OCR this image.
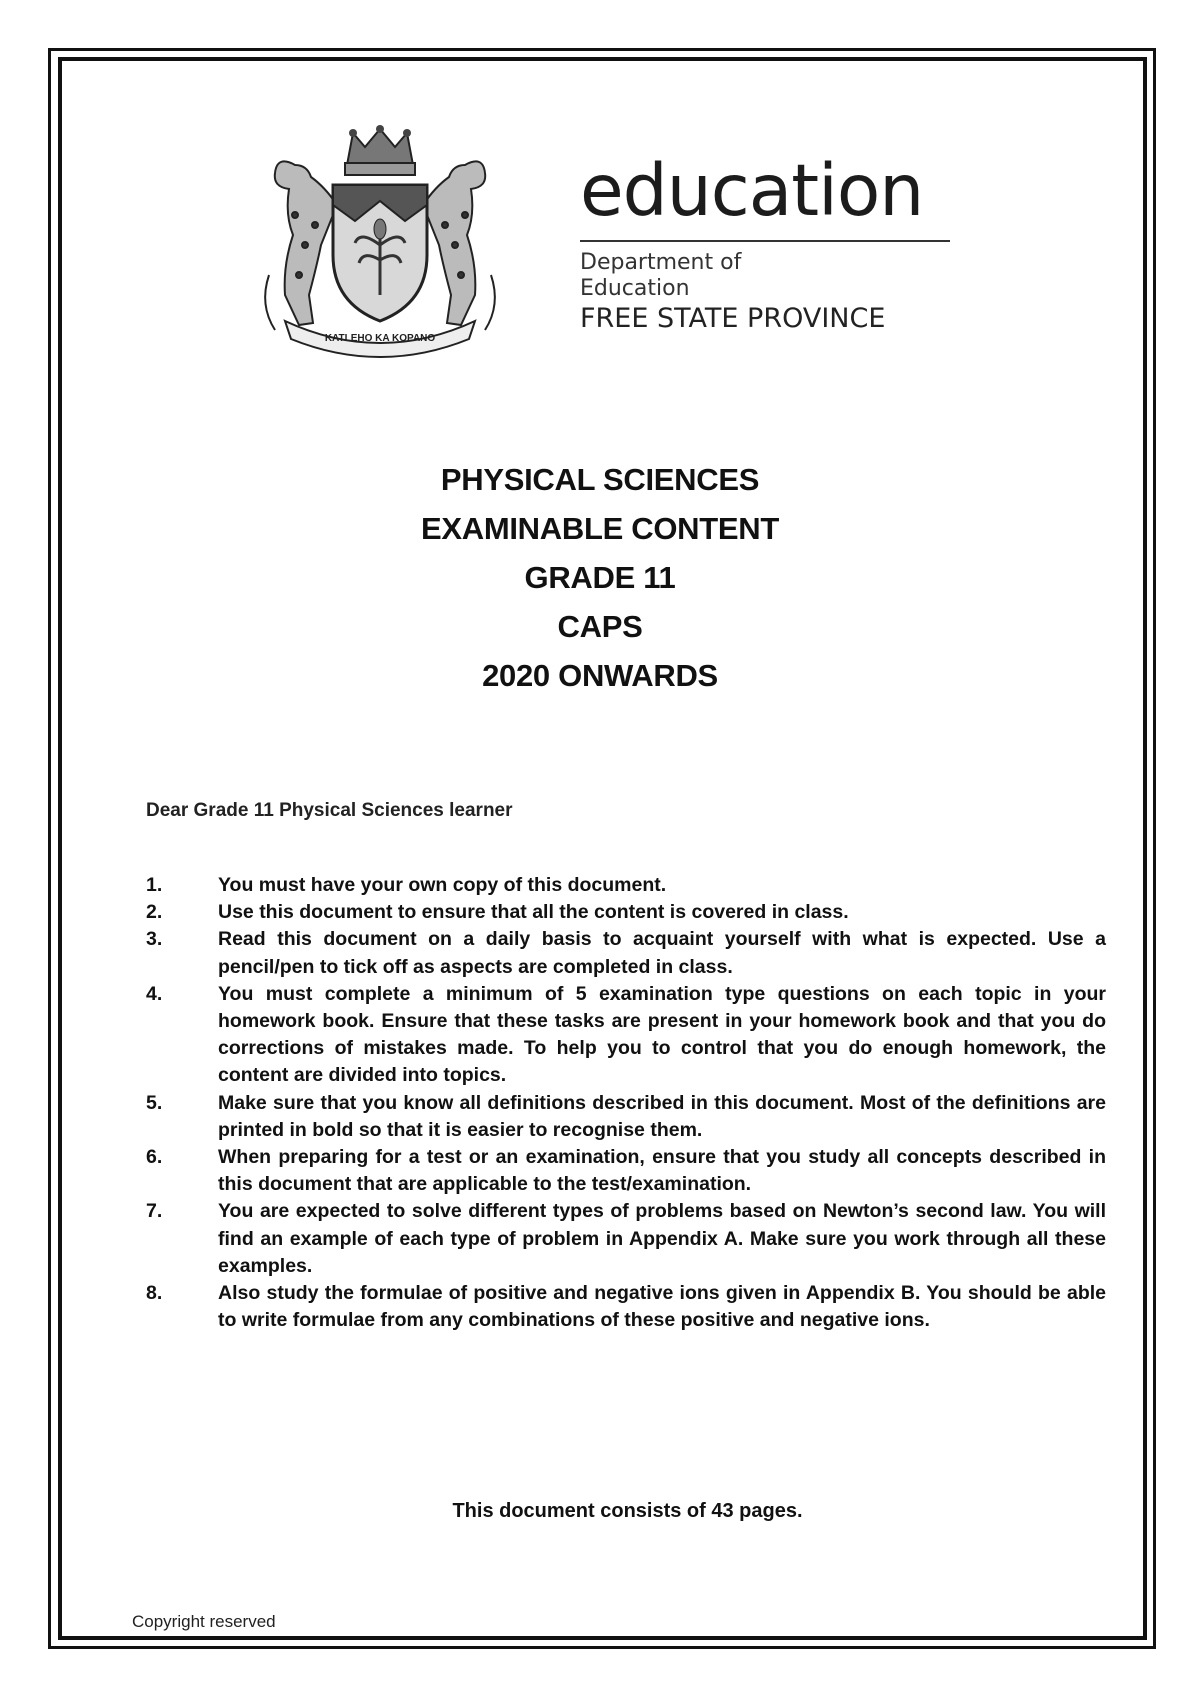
KATLEHO KA KOPANO

education

Department of

Education

FREE STATE PROVINCE

PHYSICAL SCIENCES
EXAMINABLE CONTENT
GRADE 11
CAPS
2020 ONWARDS
Dear Grade 11 Physical Sciences learner
1.	You must have your own copy of this document.
2.	Use this document to ensure that all the content is covered in class.
3.	Read this document on a daily basis to acquaint yourself with what is expected. Use a pencil/pen to tick off as aspects are completed in class.
4.	You must complete a minimum of 5 examination type questions on each topic in your homework book. Ensure that these tasks are present in your homework book and that you do corrections of mistakes made. To help you to control that you do enough homework, the content are divided into topics.
5.	Make sure that you know all definitions described in this document. Most of the definitions are printed in bold so that it is easier to recognise them.
6.	When preparing for a test or an examination, ensure that you study all concepts described in this document that are applicable to the test/examination.
7.	You are expected to solve different types of problems based on Newton’s second law. You will find an example of each type of problem in Appendix A. Make sure you work through all these examples.
8.	Also study the formulae of positive and negative ions given in Appendix B. You should be able to write formulae from any combinations of these positive and negative ions.
This document consists of 43 pages.
Copyright reserved
